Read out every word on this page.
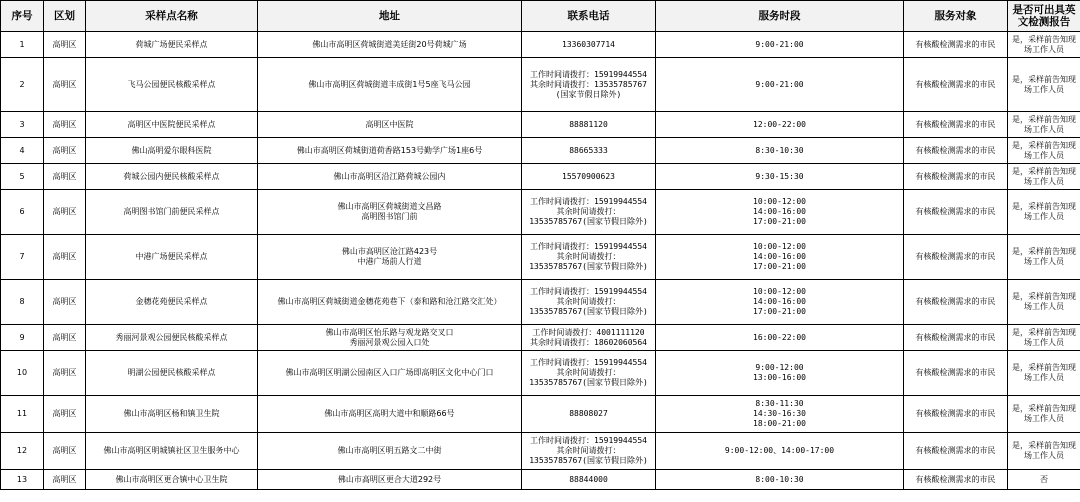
序号	区划	采样点名称	地址	联系电话	服务时段	服务对象	是否可出具英文检测报告
1	高明区	荷城广场便民采样点	佛山市高明区荷城街道美廷街20号荷城广场	13360307714	9:00-21:00	有核酸检测需求的市民	是，采样前告知现场工作人员
2	高明区	飞马公园便民核酸采样点	佛山市高明区荷城街道丰成街1号5座飞马公园	工作时间请拨打：15919944554
其余时间请拨打：13535785767
(国家节假日除外)	9:00-21:00	有核酸检测需求的市民	是，采样前告知现场工作人员
3	高明区	高明区中医院便民采样点	高明区中医院	88881120	12:00-22:00	有核酸检测需求的市民	是，采样前告知现场工作人员
4	高明区	佛山高明爱尔眼科医院	佛山市高明区荷城街道荷香路153号勤学广场1座6号	88665333	8:30-10:30	有核酸检测需求的市民	是，采样前告知现场工作人员
5	高明区	荷城公园内便民核酸采样点	佛山市高明区沿江路荷城公园内	15570900623	9:30-15:30	有核酸检测需求的市民	是，采样前告知现场工作人员
6	高明区	高明图书馆门前便民采样点	佛山市高明区荷城街道文昌路
高明图书馆门前	工作时间请拨打：15919944554
其余时间请拨打：13535785767(国家节假日除外)	10:00-12:00
14:00-16:00
17:00-21:00	有核酸检测需求的市民	是，采样前告知现场工作人员
7	高明区	中港广场便民采样点	佛山市高明区沧江路423号
中港广场前人行道	工作时间请拨打：15919944554
其余时间请拨打：13535785767(国家节假日除外)	10:00-12:00
14:00-16:00
17:00-21:00	有核酸检测需求的市民	是，采样前告知现场工作人员
8	高明区	金穗花苑便民采样点	佛山市高明区荷城街道金穗花苑巷下（泰和路和沧江路交汇处）	工作时间请拨打：15919944554
其余时间请拨打：13535785767(国家节假日除外)	10:00-12:00
14:00-16:00
17:00-21:00	有核酸检测需求的市民	是，采样前告知现场工作人员
9	高明区	秀丽河景观公园便民核酸采样点	佛山市高明区怡乐路与观龙路交叉口
秀丽河景观公园入口处	工作时间请拨打：4001111120
其余时间请拨打：18602060564	16:00-22:00	有核酸检测需求的市民	是，采样前告知现场工作人员
10	高明区	明湖公园便民核酸采样点	佛山市高明区明湖公园南区入口广场即高明区文化中心门口	工作时间请拨打：15919944554
其余时间请拨打：13535785767(国家节假日除外)	9:00-12:00
13:00-16:00	有核酸检测需求的市民	是，采样前告知现场工作人员
11	高明区	佛山市高明区杨和镇卫生院	佛山市高明区高明大道中和顺路66号	88808027	8:30-11:30
14:30-16:30
18:00-21:00	有核酸检测需求的市民	是，采样前告知现场工作人员
12	高明区	佛山市高明区明城镇社区卫生服务中心	佛山市高明区明五路文二中街	工作时间请拨打：15919944554
其余时间请拨打：13535785767(国家节假日除外)	9:00-12:00、14:00-17:00	有核酸检测需求的市民	是，采样前告知现场工作人员
13	高明区	佛山市高明区更合镇中心卫生院	佛山市高明区更合大道292号	88844000	8:00-10:30	有核酸检测需求的市民	否
